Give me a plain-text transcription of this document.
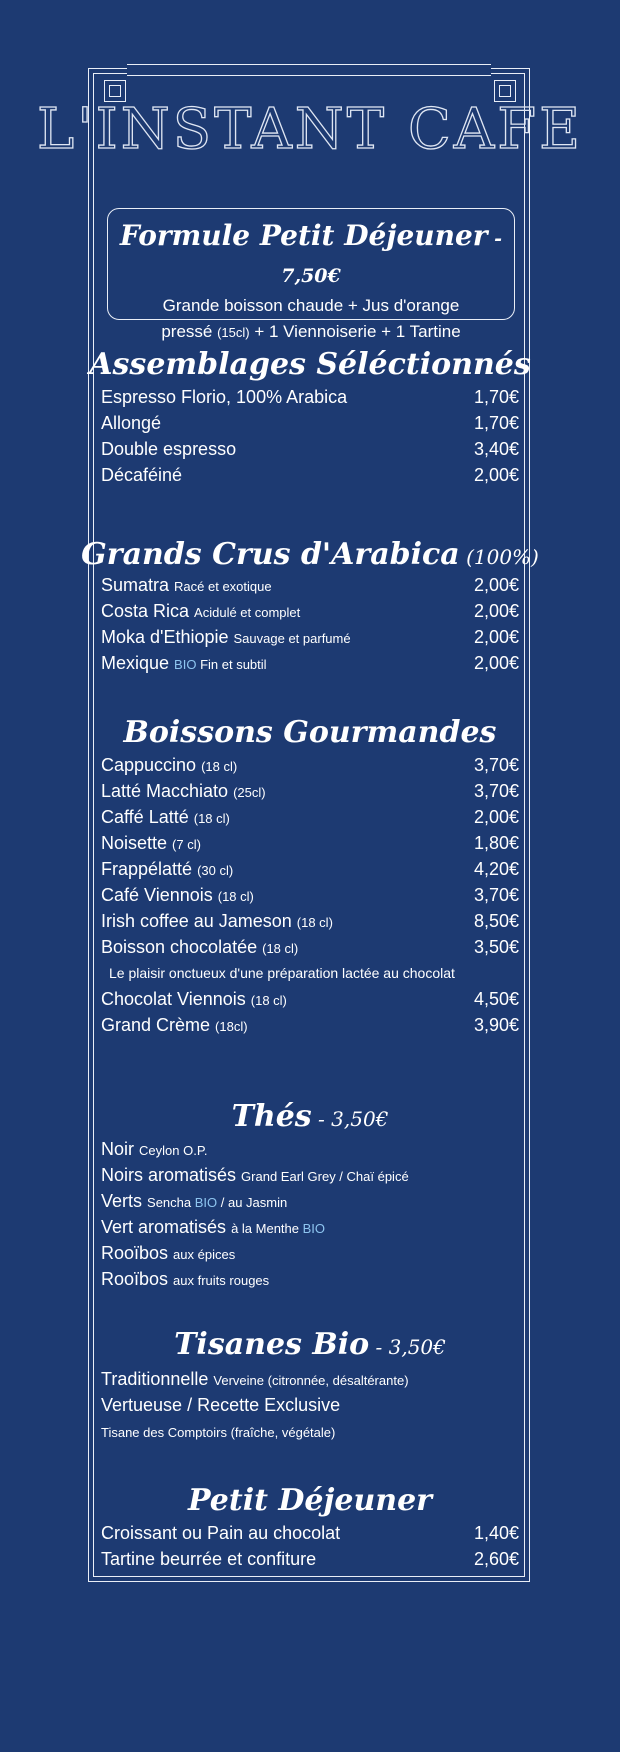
L'INSTANT CAFE
Formule Petit Déjeuner - 7,50€
Grande boisson chaude + Jus d'orange
pressé (15cl) + 1 Viennoiserie + 1 Tartine
Assemblages Séléctionnés
Espresso Florio, 100% Arabica	1,70€
Allongé	1,70€
Double espresso	3,40€
Décaféiné	2,00€
Grands Crus d'Arabica (100%)
Sumatra Racé et exotique	2,00€
Costa Rica Acidulé et complet	2,00€
Moka d'Ethiopie Sauvage et parfumé	2,00€
Mexique BIO Fin et subtil	2,00€
Boissons Gourmandes
Cappuccino (18 cl)	3,70€
Latté Macchiato (25cl)	3,70€
Caffé Latté (18 cl)	2,00€
Noisette (7 cl)	1,80€
Frappélatté (30 cl)	4,20€
Café Viennois (18 cl)	3,70€
Irish coffee au Jameson (18 cl)	8,50€
Boisson chocolatée (18 cl)	3,50€
Le plaisir onctueux d'une préparation lactée au chocolat
Chocolat Viennois (18 cl)	4,50€
Grand Crème (18cl)	3,90€
Thés - 3,50€
Noir Ceylon O.P.
Noirs aromatisés Grand Earl Grey / Chaï épicé
Verts Sencha BIO / au Jasmin
Vert aromatisés à la Menthe BIO
Rooïbos aux épices
Rooïbos aux fruits rouges
Tisanes Bio - 3,50€
Traditionnelle Verveine (citronnée, désaltérante)
Vertueuse / Recette Exclusive
Tisane des Comptoirs (fraîche, végétale)
Petit Déjeuner
Croissant ou Pain au chocolat	1,40€
Tartine beurrée et confiture	2,60€
